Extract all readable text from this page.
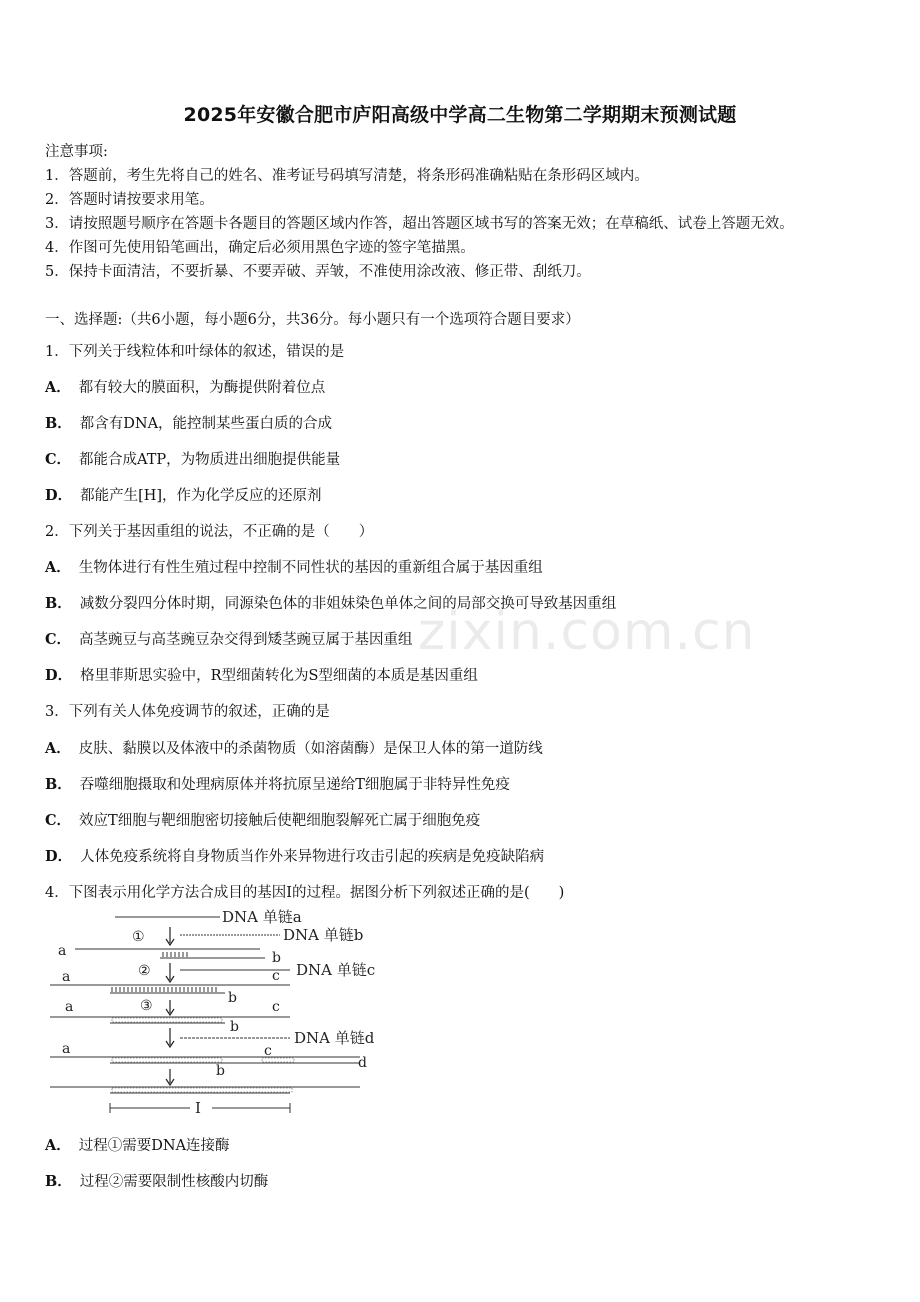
2025年安徽合肥市庐阳高级中学高二生物第二学期期末预测试题
注意事项:
1．答题前，考生先将自己的姓名、准考证号码填写清楚，将条形码准确粘贴在条形码区域内。
2．答题时请按要求用笔。
3．请按照题号顺序在答题卡各题目的答题区域内作答，超出答题区域书写的答案无效；在草稿纸、试卷上答题无效。
4．作图可先使用铅笔画出，确定后必须用黑色字迹的签字笔描黑。
5．保持卡面清洁，不要折暴、不要弄破、弄皱，不准使用涂改液、修正带、刮纸刀。
一、选择题:（共6小题，每小题6分，共36分。每小题只有一个选项符合题目要求）
1．下列关于线粒体和叶绿体的叙述，错误的是
A． 都有较大的膜面积，为酶提供附着位点
B． 都含有DNA，能控制某些蛋白质的合成
C． 都能合成ATP，为物质进出细胞提供能量
D． 都能产生[H]，作为化学反应的还原剂
2．下列关于基因重组的说法，不正确的是（　　）
A． 生物体进行有性生殖过程中控制不同性状的基因的重新组合属于基因重组
B． 减数分裂四分体时期，同源染色体的非姐妹染色单体之间的局部交换可导致基因重组
C． 高茎豌豆与高茎豌豆杂交得到矮茎豌豆属于基因重组
D． 格里菲斯思实验中，R型细菌转化为S型细菌的本质是基因重组
3．下列有关人体免疫调节的叙述，正确的是
A． 皮肤、黏膜以及体液中的杀菌物质（如溶菌酶）是保卫人体的第一道防线
B． 吞噬细胞摄取和处理病原体并将抗原呈递给T细胞属于非特异性免疫
C． 效应T细胞与靶细胞密切接触后使靶细胞裂解死亡属于细胞免疫
D． 人体免疫系统将自身物质当作外来异物进行攻击引起的疾病是免疫缺陷病
4．下图表示用化学方法合成目的基因Ⅰ的过程。据图分析下列叙述正确的是(　　)
DNA 单链a
①	DNA 单链b
a	b
②	DNA 单链c
a	c
b
③
a	c
b
DNA 单链d
a	c
d
b
Ⅰ
A． 过程①需要DNA连接酶
B． 过程②需要限制性核酸内切酶
zixin.com.cn
